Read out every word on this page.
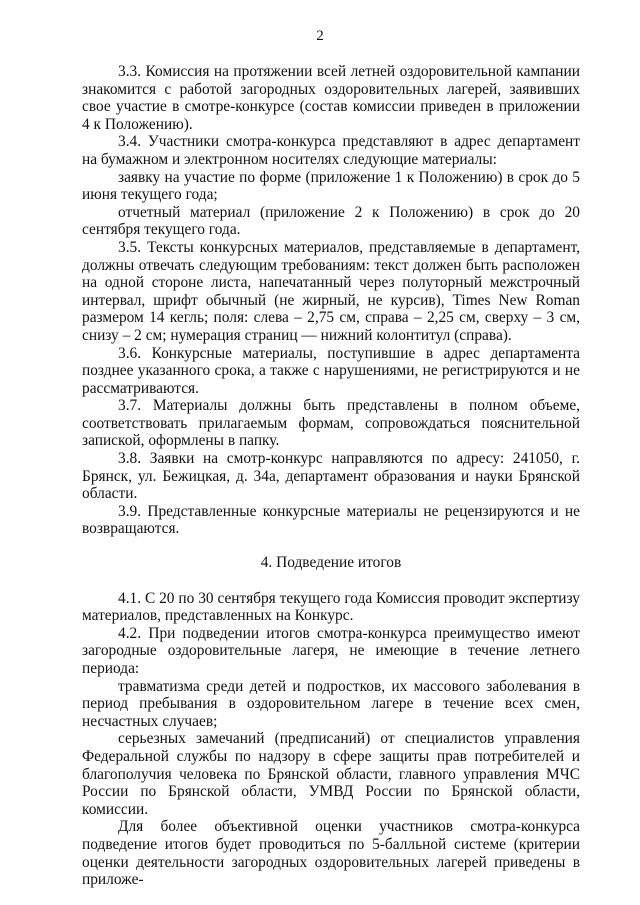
2

3.3. Комиссия на протяжении всей летней оздоровительной кампании знакомится с работой загородных оздоровительных лагерей, заявивших свое участие в смотре-конкурсе (состав комиссии приведен в приложении 4 к Положению).

3.4. Участники смотра-конкурса представляют в адрес департамент на бумажном и электронном носителях следующие материалы:

заявку на участие по форме (приложение 1 к Положению) в срок до 5 июня текущего года;

отчетный материал (приложение 2 к Положению) в срок до 20 сентября текущего года.

3.5. Тексты конкурсных материалов, представляемые в департамент, должны отвечать следующим требованиям: текст должен быть расположен на одной стороне листа, напечатанный через полуторный межстрочный интервал, шрифт обычный (не жирный, не курсив), Times New Roman размером 14 кегль; поля: слева – 2,75 см, справа – 2,25 см, сверху – 3 см, снизу – 2 см; нумерация страниц — нижний колонтитул (справа).

3.6. Конкурсные материалы, поступившие в адрес департамента позднее указанного срока, а также с нарушениями, не регистрируются и не рассматриваются.

3.7. Материалы должны быть представлены в полном объеме, соответствовать прилагаемым формам, сопровождаться пояснительной запиской, оформлены в папку.

3.8. Заявки на смотр-конкурс направляются по адресу: 241050, г. Брянск, ул. Бежицкая, д. 34а, департамент образования и науки Брянской области.

3.9. Представленные конкурсные материалы не рецензируются и не возвращаются.

4. Подведение итогов

4.1. С 20 по 30 сентября текущего года Комиссия проводит экспертизу материалов, представленных на Конкурс.

4.2. При подведении итогов смотра-конкурса преимущество имеют загородные оздоровительные лагеря, не имеющие в течение летнего периода:

травматизма среди детей и подростков, их массового заболевания в период пребывания в оздоровительном лагере в течение всех смен, несчастных случаев;

серьезных замечаний (предписаний) от специалистов управления Федеральной службы по надзору в сфере защиты прав потребителей и благополучия человека по Брянской области, главного управления МЧС России по Брянской области, УМВД России по Брянской области, комиссии.

Для более объективной оценки участников смотра-конкурса подведение итогов будет проводиться по 5-балльной системе (критерии оценки деятельности загородных оздоровительных лагерей приведены в приложе-
